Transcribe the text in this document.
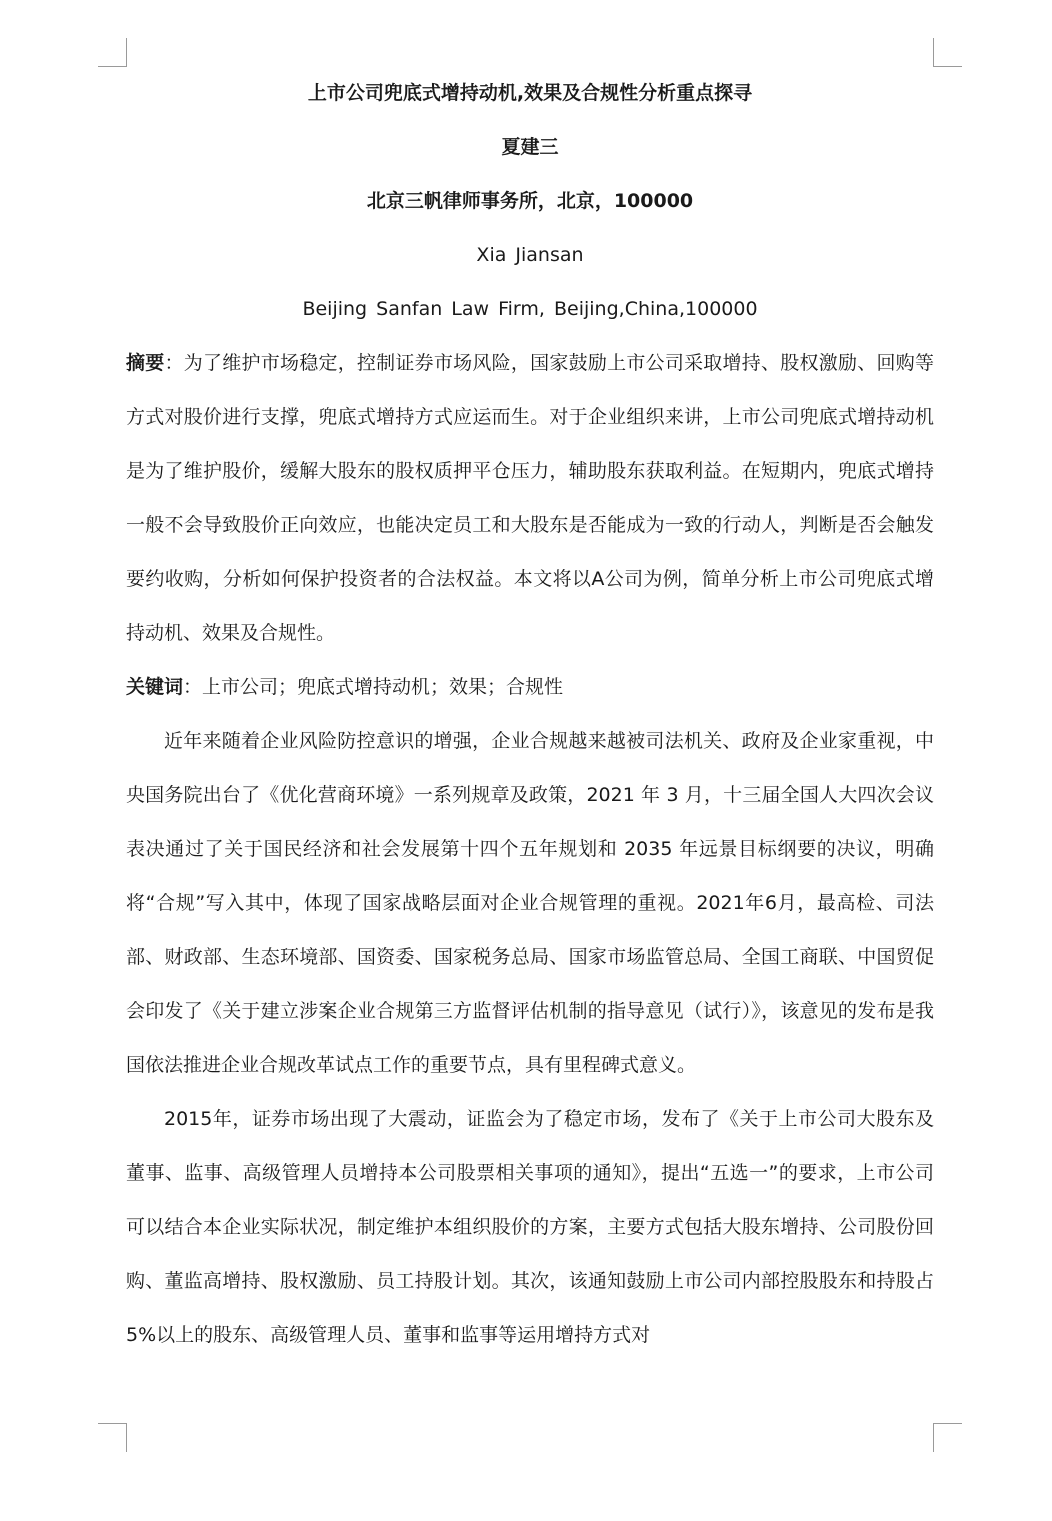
上市公司兜底式增持动机,效果及合规性分析重点探寻
夏建三
北京三帆律师事务所，北京，100000
Xia Jiansan
Beijing Sanfan Law Firm, Beijing,China,100000

摘要：为了维护市场稳定，控制证券市场风险，国家鼓励上市公司采取增持、股权激励、回购等方式对股价进行支撑，兜底式增持方式应运而生。对于企业组织来讲，上市公司兜底式增持动机是为了维护股价，缓解大股东的股权质押平仓压力，辅助股东获取利益。在短期内，兜底式增持一般不会导致股价正向效应，也能决定员工和大股东是否能成为一致的行动人，判断是否会触发要约收购，分析如何保护投资者的合法权益。本文将以A公司为例，简单分析上市公司兜底式增持动机、效果及合规性。

关键词：上市公司；兜底式增持动机；效果；合规性

近年来随着企业风险防控意识的增强，企业合规越来越被司法机关、政府及企业家重视，中央国务院出台了《优化营商环境》一系列规章及政策，2021 年 3 月，十三届全国人大四次会议表决通过了关于国民经济和社会发展第十四个五年规划和 2035 年远景目标纲要的决议，明确将“合规”写入其中，体现了国家战略层面对企业合规管理的重视。2021年6月，最高检、司法部、财政部、生态环境部、国资委、国家税务总局、国家市场监管总局、全国工商联、中国贸促会印发了《关于建立涉案企业合规第三方监督评估机制的指导意见（试行）》，该意见的发布是我国依法推进企业合规改革试点工作的重要节点，具有里程碑式意义。

2015年，证券市场出现了大震动，证监会为了稳定市场，发布了《关于上市公司大股东及董事、监事、高级管理人员增持本公司股票相关事项的通知》，提出“五选一”的要求，上市公司可以结合本企业实际状况，制定维护本组织股价的方案，主要方式包括大股东增持、公司股份回购、董监高增持、股权激励、员工持股计划。其次，该通知鼓励上市公司内部控股股东和持股占5%以上的股东、高级管理人员、董事和监事等运用增持方式对
